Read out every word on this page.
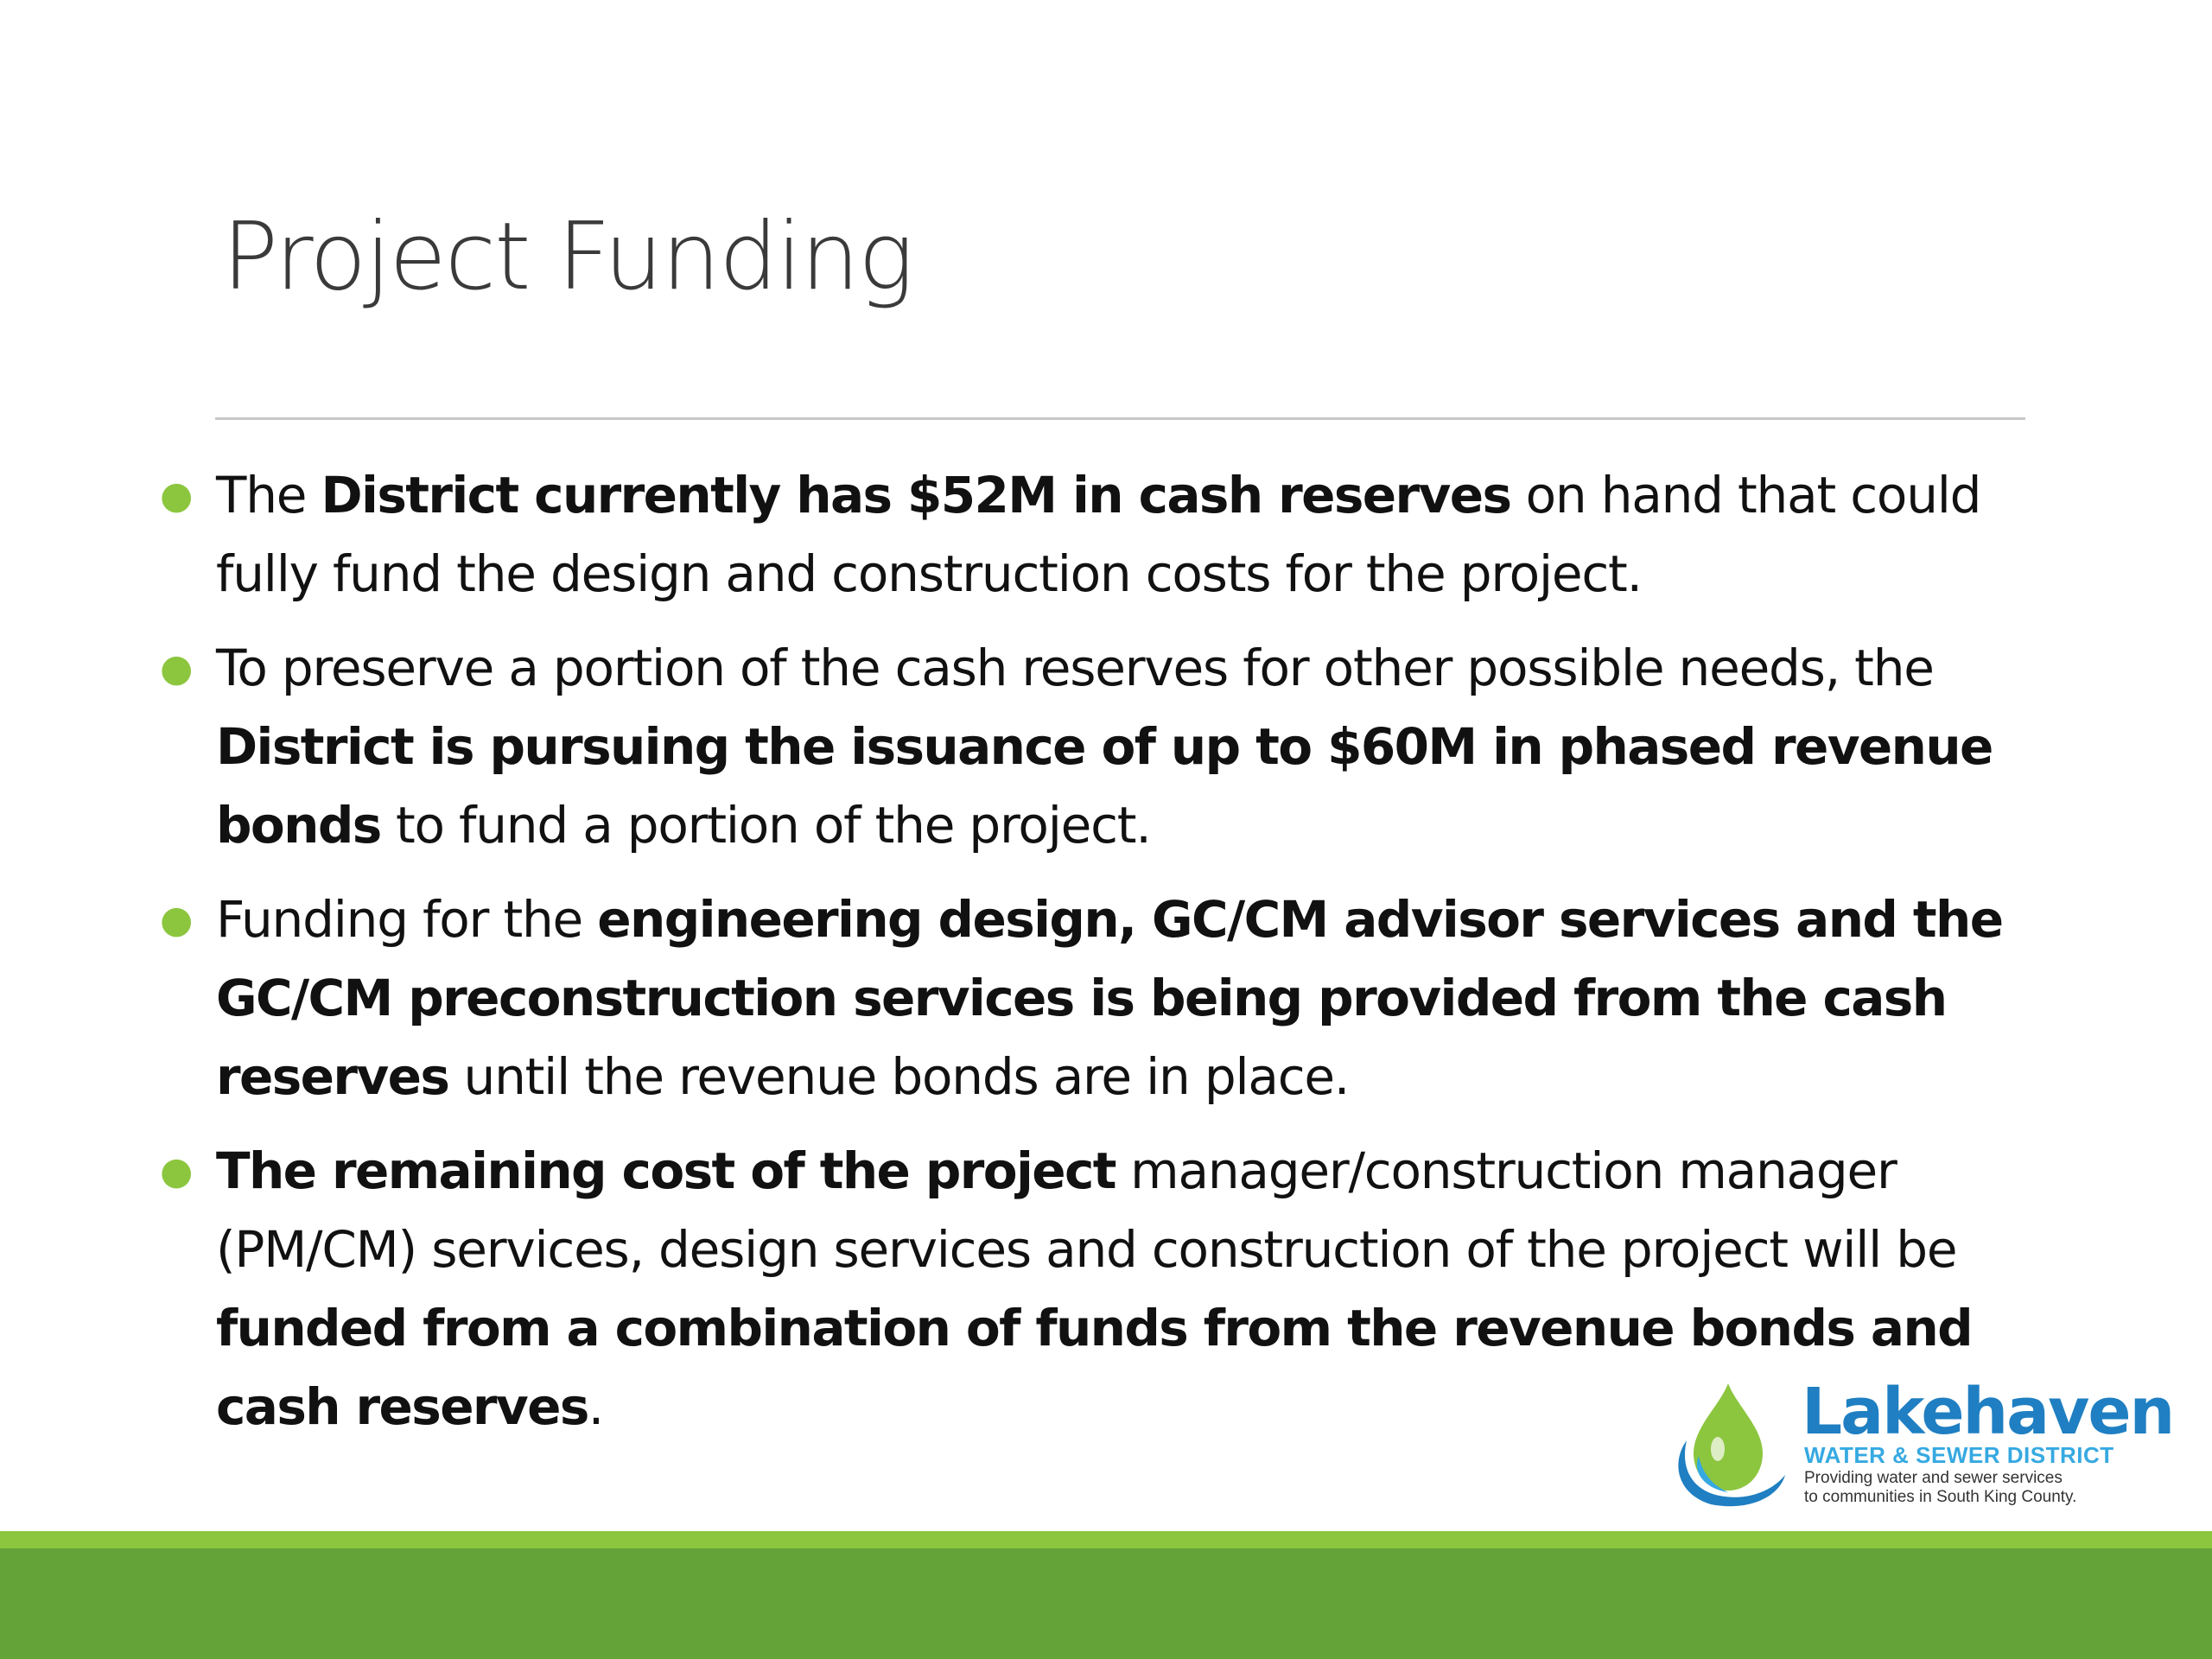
Project Funding
● The District currently has $52M in cash reserves on hand that could fully fund the design and construction costs for the project.
● To preserve a portion of the cash reserves for other possible needs, the District is pursuing the issuance of up to $60M in phased revenue bonds to fund a portion of the project.
● Funding for the engineering design, GC/CM advisor services and the GC/CM preconstruction services is being provided from the cash reserves until the revenue bonds are in place.
● The remaining cost of the project manager/construction manager (PM/CM) services, design services and construction of the project will be funded from a combination of funds from the revenue bonds and cash reserves.	Lakehaven
WATER & SEWER DISTRICT
Providing water and sewer services
to communities in South King County.
